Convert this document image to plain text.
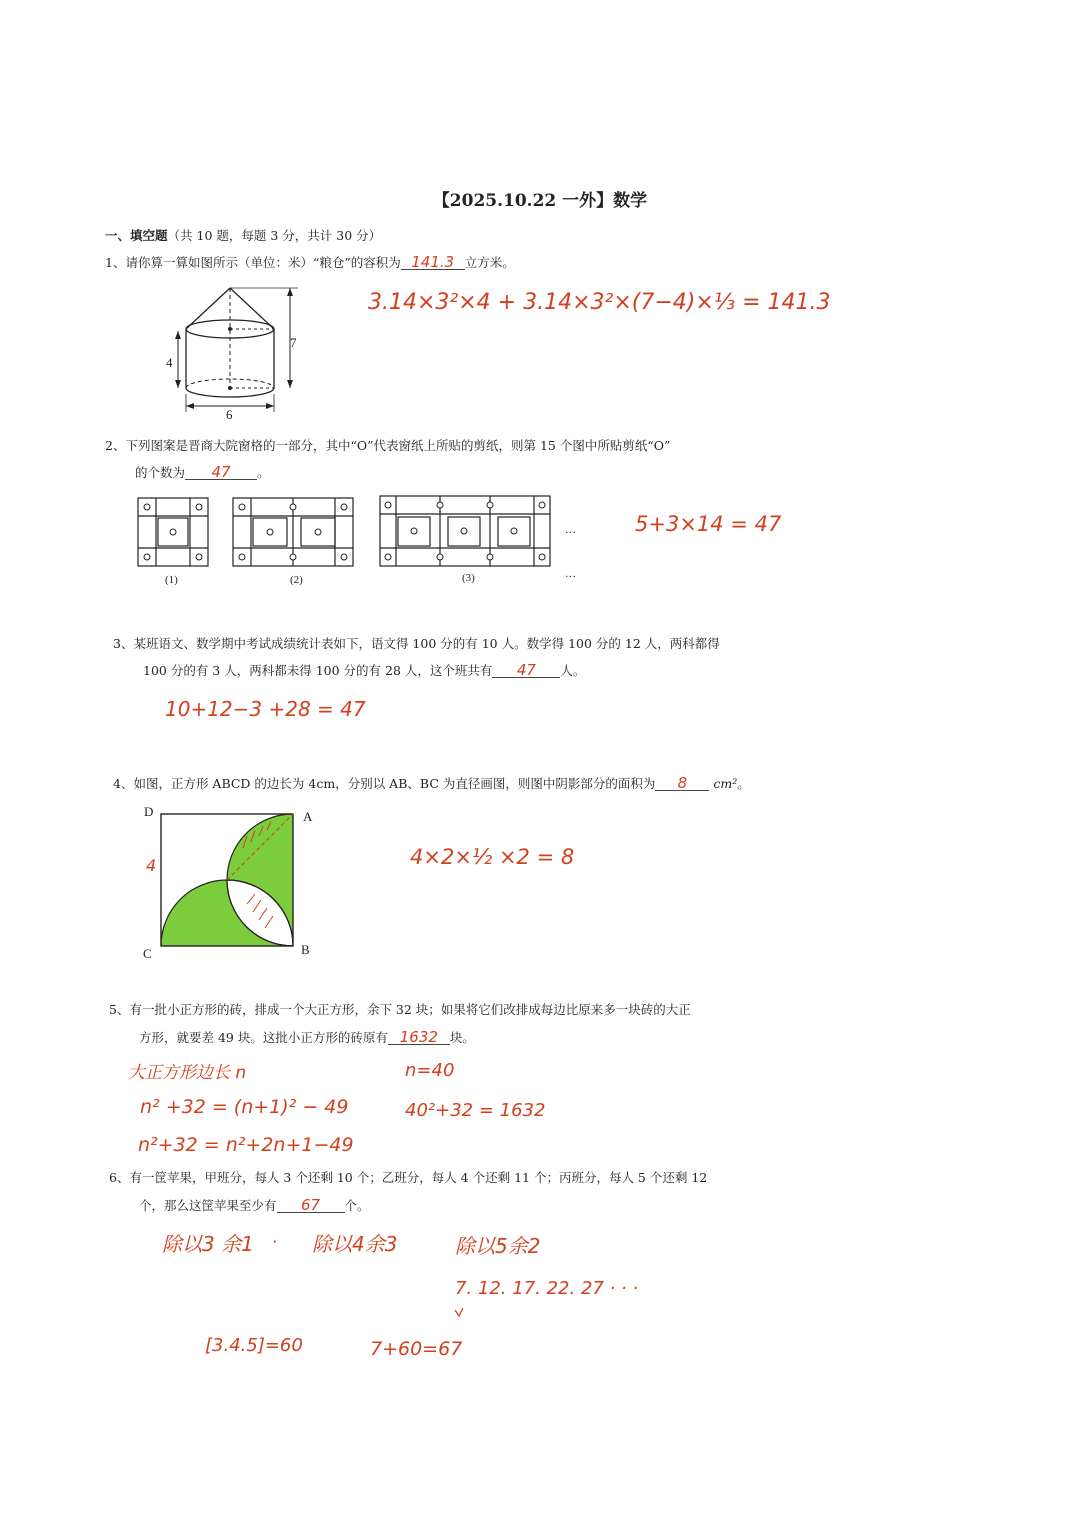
【2025.10.22 一外】数学
一、填空题（共 10 题，每题 3 分，共计 30 分）
1、请你算一算如图所示（单位：米）“粮仓”的容积为 141.3 立方米。
3.14×3²×4 + 3.14×3²×(7−4)×⅓ = 141.3
4
7
6
2、下列图案是晋商大院窗格的一部分，其中“O”代表窗纸上所贴的剪纸，则第 15 个图中所贴剪纸“O”
的个数为 47 。
5+3×14 = 47
(1)	(2)	(3)
…
…
3、某班语文、数学期中考试成绩统计表如下，语文得 100 分的有 10 人。数学得 100 分的 12 人，两科都得
100 分的有 3 人，两科都未得 100 分的有 28 人，这个班共有 47 人。
10+12−3 +28 = 47
4、如图，正方形 ABCD 的边长为 4cm，分别以 AB、BC 为直径画图，则图中阴影部分的面积为 8 cm²。
4×2×½ ×2 = 8
D	A
C	B
4
5、有一批小正方形的砖，排成一个大正方形，余下 32 块；如果将它们改排成每边比原来多一块砖的大正
方形，就要差 49 块。这批小正方形的砖原有 1632 块。
大正方形边长 n
n² +32 = (n+1)² − 49
n²+32 = n²+2n+1−49
n=40
40²+32 = 1632
6、有一筐苹果，甲班分，每人 3 个还剩 10 个；乙班分，每人 4 个还剩 11 个；丙班分，每人 5 个还剩 12
个，那么这筐苹果至少有 67 个。
除以3 余1 · 除以4余3	除以5余2
7. 12. 17. 22. 27 · · ·
[3.4.5]=60	7+60=67
